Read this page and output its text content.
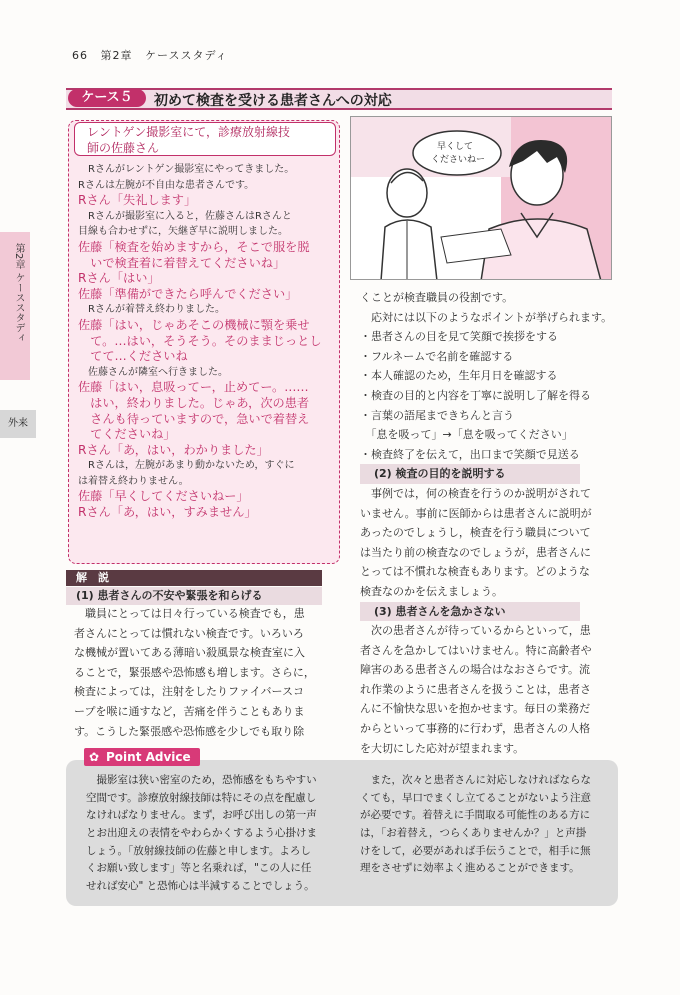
66 第2章 ケーススタディ
ケース５	初めて検査を受ける患者さんへの対応
第2章 ケーススタディ
外来
レントゲン撮影室にて，診療放射線技
師の佐藤さん
　Rさんがレントゲン撮影室にやってきました。
Rさんは左腕が不自由な患者さんです。
Rさん「失礼します」
　Rさんが撮影室に入ると，佐藤さんはRさんと
目線も合わせずに，矢継ぎ早に説明しました。
佐藤「検査を始めますから，そこで服を脱
　いで検査着に着替えてくださいね」
Rさん「はい」
佐藤「準備ができたら呼んでください」
　Rさんが着替え終わりました。
佐藤「はい，じゃあそこの機械に顎を乗せ
　て。…はい，そうそう。そのままじっとし
　てて…くださいね
　佐藤さんが隣室へ行きました。
佐藤「はい，息吸ってー，止めてー。……
　はい，終わりました。じゃあ，次の患者
　さんも待っていますので，急いで着替え
　てくださいね」
Rさん「あ，はい，わかりました」
　Rさんは，左腕があまり動かないため，すぐに
は着替え終わりません。
佐藤「早くしてくださいねー」
Rさん「あ，はい，すみません」
早くして
くださいねー
くことが検査職員の役割です。
　応対には以下のようなポイントが挙げられます。
・患者さんの目を見て笑顔で挨拶をする
・フルネームで名前を確認する
・本人確認のため，生年月日を確認する
・検査の目的と内容を丁寧に説明し了解を得る
・言葉の語尾まできちんと言う
　「息を吸って」→「息を吸ってください」
・検査終了を伝えて，出口まで笑顔で見送る
(2) 検査の目的を説明する
　事例では，何の検査を行うのか説明がされて
いません。事前に医師からは患者さんに説明が
あったのでしょうし，検査を行う職員について
は当たり前の検査なのでしょうが，患者さんに
とっては不慣れな検査もあります。どのような
検査なのかを伝えましょう。
(3) 患者さんを急かさない
　次の患者さんが待っているからといって，患
者さんを急かしてはいけません。特に高齢者や
障害のある患者さんの場合はなおさらです。流
れ作業のように患者さんを扱うことは，患者さ
んに不愉快な思いを抱かせます。毎日の業務だ
からといって事務的に行わず，患者さんの人格
を大切にした応対が望まれます。
解　説
(1) 患者さんの不安や緊張を和らげる
　職員にとっては日々行っている検査でも，患
者さんにとっては慣れない検査です。いろいろ
な機械が置いてある薄暗い殺風景な検査室に入
ることで，緊張感や恐怖感も増します。さらに，
検査によっては，注射をしたりファイバースコ
ープを喉に通すなど，苦痛を伴うこともありま
す。こうした緊張感や恐怖感を少しでも取り除
✿ Point Advice
　撮影室は狭い密室のため，恐怖感をもちやすい
空間です。診療放射線技師は特にその点を配慮し
なければなりません。まず，お呼び出しの第一声
とお出迎えの表情をやわらかくするよう心掛けま
しょう。「放射線技師の佐藤と申します。よろし
くお願い致します」等と名乗れば，"この人に任
せれば安心" と恐怖心は半減することでしょう。
　また，次々と患者さんに対応しなければならな
くても，早口でまくし立てることがないよう注意
が必要です。着替えに手間取る可能性のある方に
は，「お着替え，つらくありませんか？」と声掛
けをして，必要があれば手伝うことで，相手に無
理をさせずに効率よく進めることができます。
